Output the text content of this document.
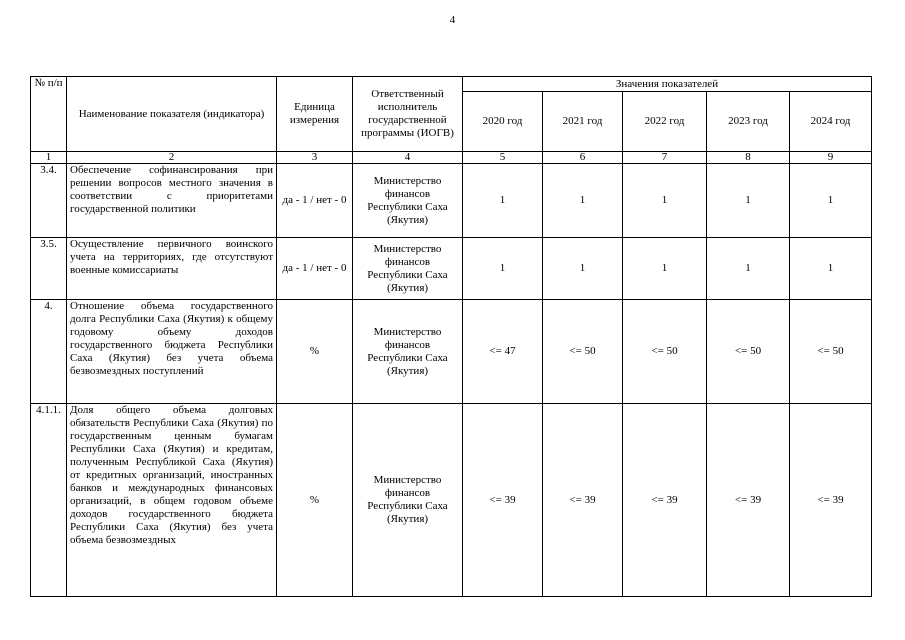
4
№ п/п	Наименование показателя (индикатора)	Единица измерения	Ответственный исполнитель государственной программы (ИОГВ)	Значения показателей				
				2020 год	2021 год	2022 год	2023 год	2024 год
1	2	3	4	5	6	7	8	9
3.4.	Обеспечение софинансирования при решении вопросов местного значения в соответствии с приоритетами государственной политики	да - 1 / нет - 0	Министерство финансов Республики Саха (Якутия)	1	1	1	1	1
3.5.	Осуществление первичного воинского учета на территориях, где отсутствуют военные комиссариаты	да - 1 / нет - 0	Министерство финансов Республики Саха (Якутия)	1	1	1	1	1
4.	Отношение объема государственного долга Республики Саха (Якутия) к общему годовому объему доходов государственного бюджета Республики Саха (Якутия) без учета объема безвозмездных поступлений	%	Министерство финансов Республики Саха (Якутия)	<= 47	<= 50	<= 50	<= 50	<= 50
4.1.1.	Доля общего объема долговых обязательств Республики Саха (Якутия) по государственным ценным бумагам Республики Саха (Якутия) и кредитам, полученным Республикой Саха (Якутия) от кредитных организаций, иностранных банков и международных финансовых организаций, в общем годовом объеме доходов государственного бюджета Республики Саха (Якутия) без учета объема безвозмездных	%	Министерство финансов Республики Саха (Якутия)	<= 39	<= 39	<= 39	<= 39	<= 39
